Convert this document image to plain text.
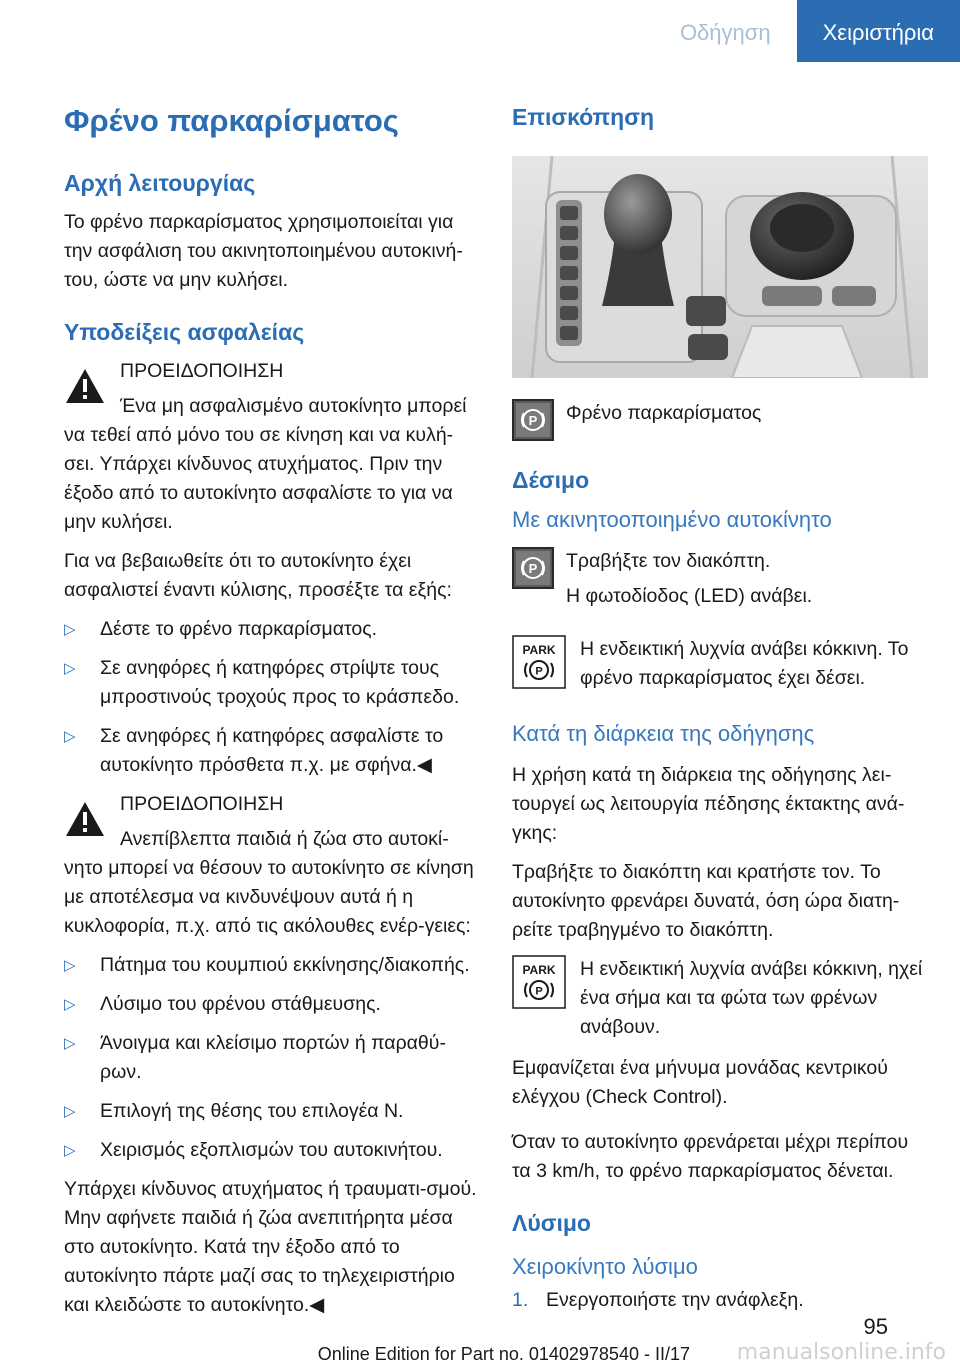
Οδήγηση	Χειριστήρια
Φρένο παρκαρίσματος
Αρχή λειτουργίας

Το φρένο παρκαρίσματος χρησιμοποιείται για την ασφάλιση του ακινητοποιημένου αυτοκινή-του, ώστε να μην κυλήσει.

Υποδείξεις ασφαλείας
ΠΡΟΕΙΔΟΠΟΙΗΣΗ

Ένα μη ασφαλισμένο αυτοκίνητο μπορεί να τεθεί από μόνο του σε κίνηση και να κυλή-σει. Υπάρχει κίνδυνος ατυχήματος. Πριν την έξοδο από το αυτοκίνητο ασφαλίστε το για να μην κυλήσει.

Για να βεβαιωθείτε ότι το αυτοκίνητο έχει ασφαλιστεί έναντι κύλισης, προσέξτε τα εξής:

▷ Δέστε το φρένο παρκαρίσματος.
▷ Σε ανηφόρες ή κατηφόρες στρίψτε τους μπροστινούς τροχούς προς το κράσπεδο.
▷ Σε ανηφόρες ή κατηφόρες ασφαλίστε το αυτοκίνητο πρόσθετα π.χ. με σφήνα.◀
ΠΡΟΕΙΔΟΠΟΙΗΣΗ

Ανεπίβλεπτα παιδιά ή ζώα στο αυτοκί-νητο μπορεί να θέσουν το αυτοκίνητο σε κίνηση με αποτέλεσμα να κινδυνέψουν αυτά ή η κυκλοφορία, π.χ. από τις ακόλουθες ενέρ-γειες:

▷ Πάτημα του κουμπιού εκκίνησης/διακοπής.
▷ Λύσιμο του φρένου στάθμευσης.
▷ Άνοιγμα και κλείσιμο πορτών ή παραθύ-ρων.
▷ Επιλογή της θέσης του επιλογέα N.
▷ Χειρισμός εξοπλισμών του αυτοκινήτου.

Υπάρχει κίνδυνος ατυχήματος ή τραυματι-σμού. Μην αφήνετε παιδιά ή ζώα ανεπιτήρητα μέσα στο αυτοκίνητο. Κατά την έξοδο από το αυτοκίνητο πάρτε μαζί σας το τηλεχειριστήριο και κλειδώστε το αυτοκίνητο.◀

Επισκόπηση
P Φρένο παρκαρίσματος

Δέσιμο
Με ακινητοοποιημένο αυτοκίνητο
P Τραβήξτε τον διακόπτη.

Η φωτοδίοδος (LED) ανάβει.

PARK
P

Η ενδεικτική λυχνία ανάβει κόκκινη. Το φρένο παρκαρίσματος έχει δέσει.

Κατά τη διάρκεια της οδήγησης

Η χρήση κατά τη διάρκεια της οδήγησης λει-τουργεί ως λειτουργία πέδησης έκτακτης ανά-γκης:

Τραβήξτε το διακόπτη και κρατήστε τον. Το αυτοκίνητο φρενάρει δυνατά, όση ώρα διατη-ρείτε τραβηγμένο το διακόπτη.

PARK
P

Η ενδεικτική λυχνία ανάβει κόκκινη, ηχεί ένα σήμα και τα φώτα των φρένων ανάβουν.

Εμφανίζεται ένα μήνυμα μονάδας κεντρικού ελέγχου (Check Control).

Όταν το αυτοκίνητο φρενάρεται μέχρι περίπου τα 3 km/h, το φρένο παρκαρίσματος δένεται.

Λύσιμο
Χειροκίνητο λύσιμο
1. Ενεργοποιήστε την ανάφλεξη.
95
Online Edition for Part no. 01402978540 - II/17 manualsonline.info
